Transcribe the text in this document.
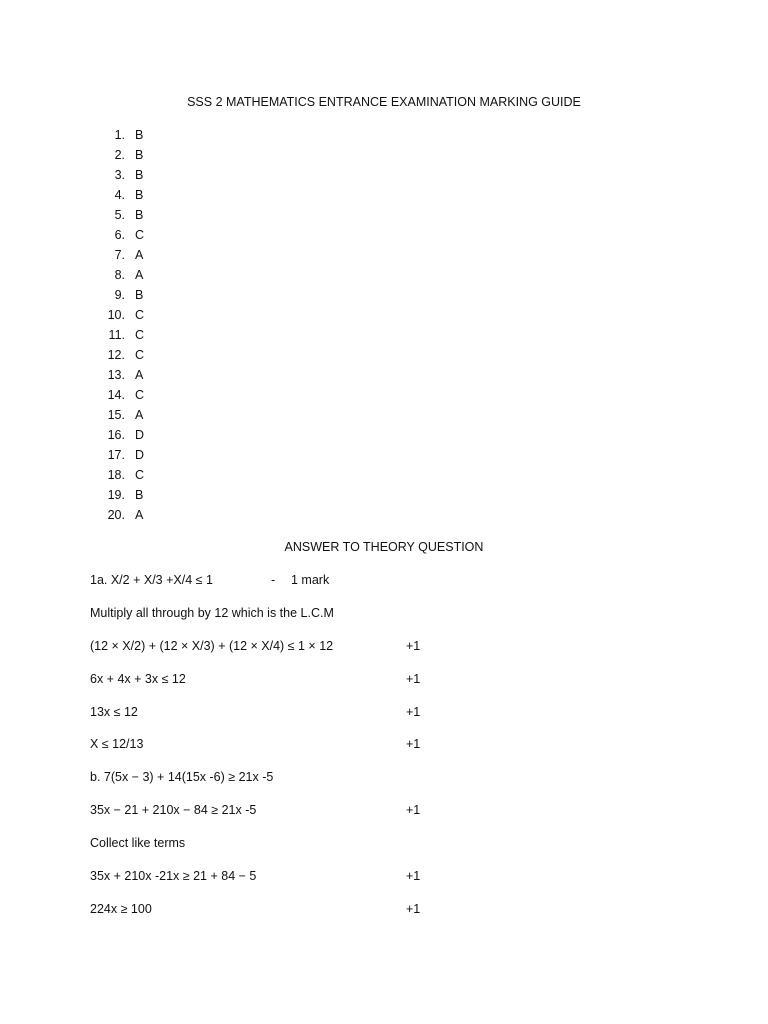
SSS 2 MATHEMATICS ENTRANCE EXAMINATION MARKING GUIDE
1. B
2. B
3. B
4. B
5. B
6. C
7. A
8. A
9. B
10. C
11. C
12. C
13. A
14. C
15. A
16. D
17. D
18. C
19. B
20. A
ANSWER TO THEORY QUESTION
1a. X/2 + X/3 +X/4 ≤ 1	- 1 mark
Multiply all through by 12 which is the L.C.M
(12 × X/2) + (12 × X/3) + (12 × X/4) ≤ 1 × 12	+1
6x + 4x + 3x ≤ 12	+1
13x ≤ 12	+1
X ≤ 12/13	+1
b. 7(5x − 3) + 14(15x -6) ≥ 21x -5
35x − 21 + 210x − 84 ≥ 21x -5	+1
Collect like terms
35x + 210x -21x ≥ 21 + 84 − 5	+1
224x ≥ 100	+1
